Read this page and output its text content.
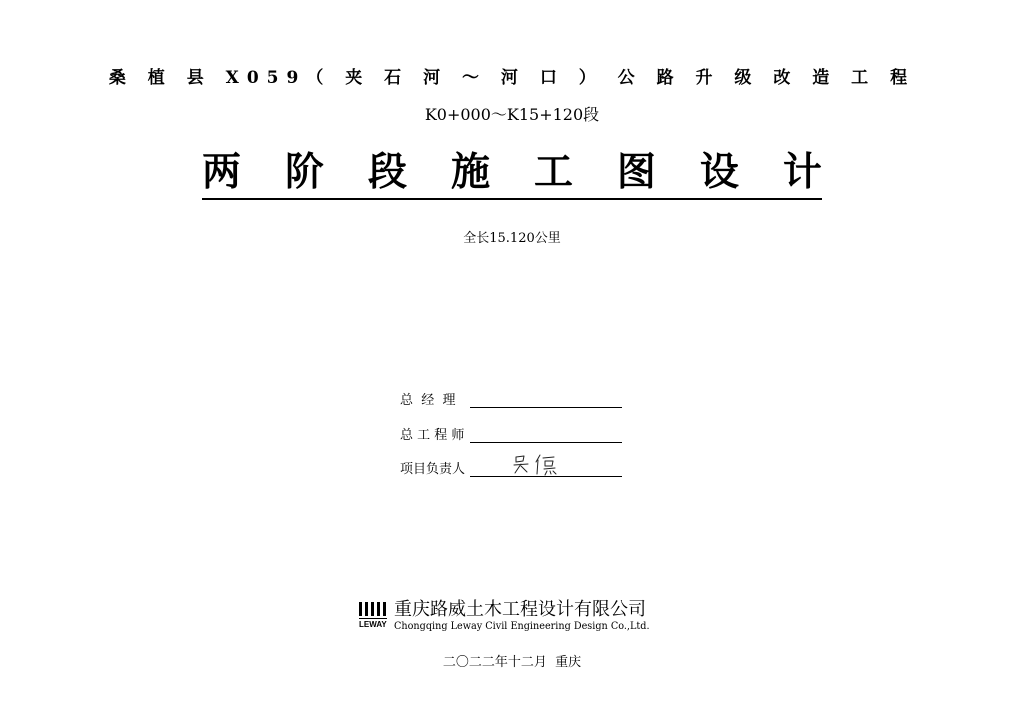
桑 植 县 X059（ 夹 石 河 ～ 河 口 ） 公 路 升 级 改 造 工 程
K0+000～K15+120段
两 阶 段 施 工 图 设 计
全长15.120公里
总  经  理
总 工 程 师
项目负责人
LEWAY
重庆路威土木工程设计有限公司
Chongqing Leway Civil Engineering Design Co.,Ltd.
二〇二二年十二月  重庆
